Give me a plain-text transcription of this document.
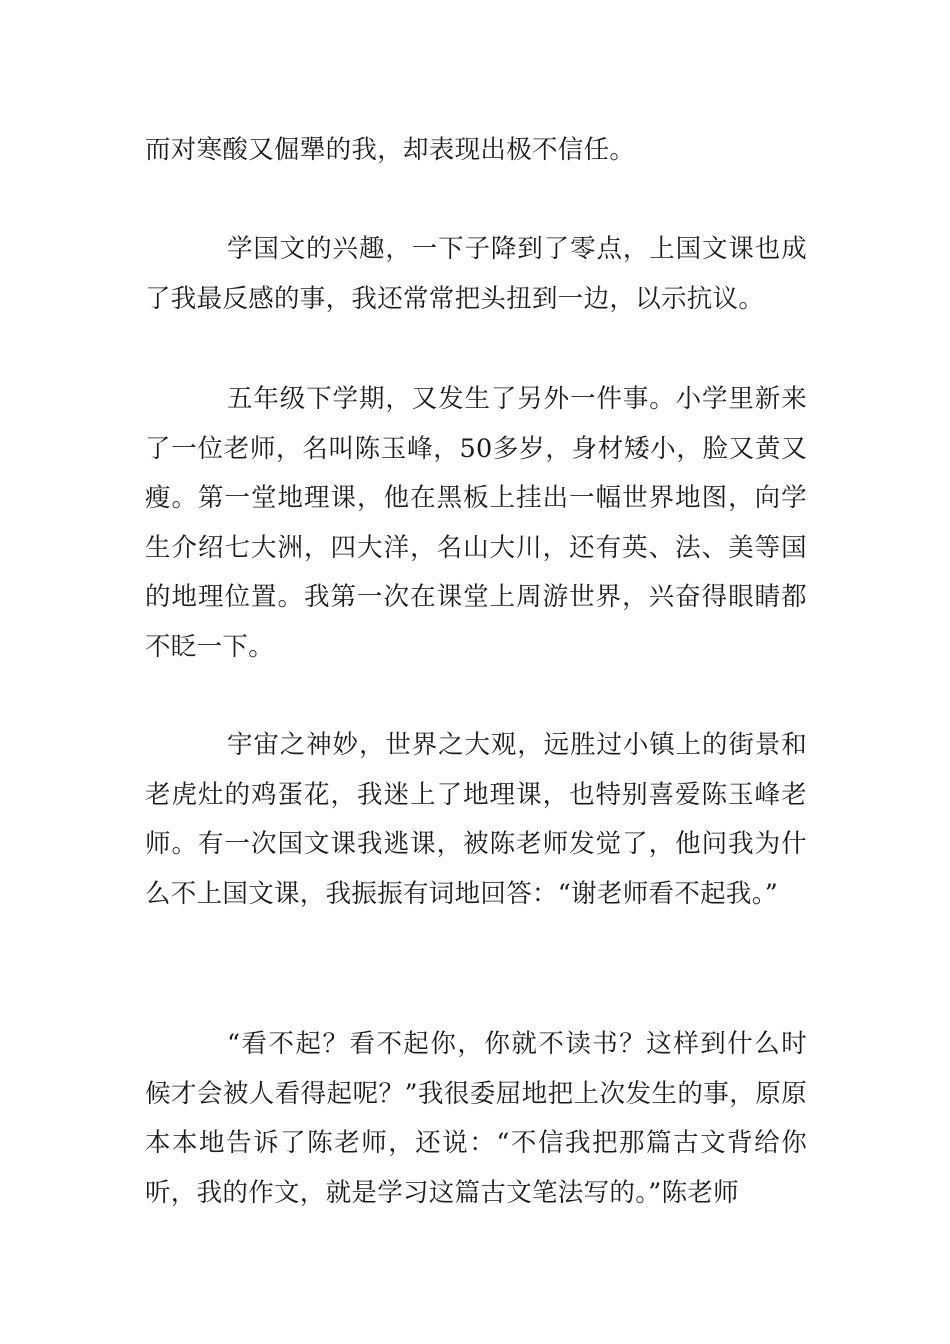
而对寒酸又倔犟的我，却表现出极不信任。

学国文的兴趣，一下子降到了零点，上国文课也成了我最反感的事，我还常常把头扭到一边，以示抗议。

五年级下学期，又发生了另外一件事。小学里新来了一位老师，名叫陈玉峰，50多岁，身材矮小，脸又黄又瘦。第一堂地理课，他在黑板上挂出一幅世界地图，向学生介绍七大洲，四大洋，名山大川，还有英、法、美等国的地理位置。我第一次在课堂上周游世界，兴奋得眼睛都不眨一下。

宇宙之神妙，世界之大观，远胜过小镇上的街景和老虎灶的鸡蛋花，我迷上了地理课，也特别喜爱陈玉峰老师。有一次国文课我逃课，被陈老师发觉了，他问我为什么不上国文课，我振振有词地回答：“谢老师看不起我。”

“看不起？看不起你，你就不读书？这样到什么时候才会被人看得起呢？”我很委屈地把上次发生的事，原原本本地告诉了陈老师，还说：“不信我把那篇古文背给你听，我的作文，就是学习这篇古文笔法写的。”陈老师
